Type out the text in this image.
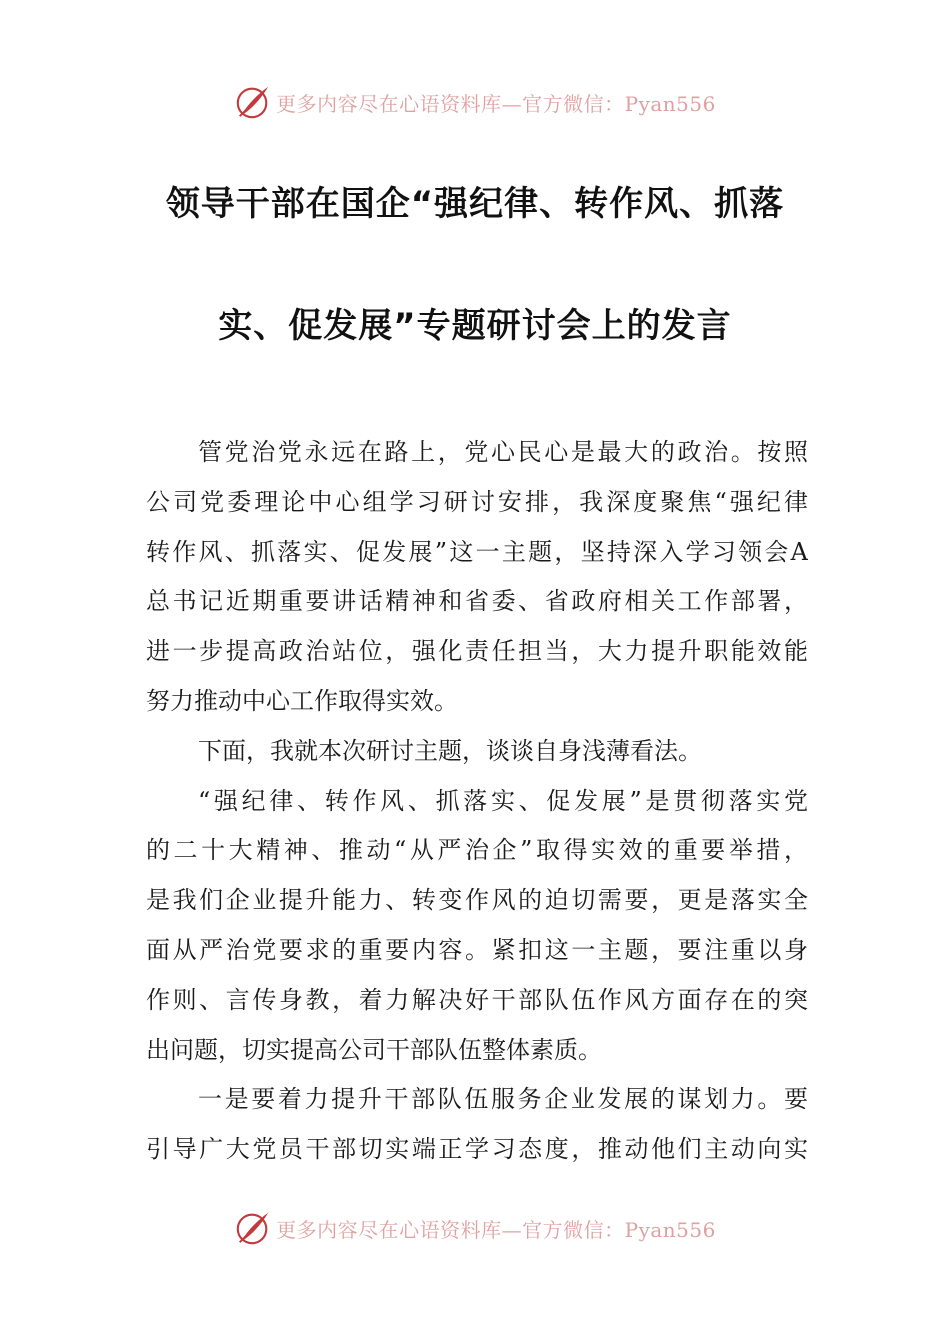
更多内容尽在心语资料库—官方微信：Pyan556
领导干部在国企“强纪律、转作风、抓落
实、促发展”专题研讨会上的发言
管党治党永远在路上，党心民心是最大的政治。按照
公司党委理论中心组学习研讨安排，我深度聚焦“强纪律
转作风、抓落实、促发展”这一主题，坚持深入学习领会A
总书记近期重要讲话精神和省委、省政府相关工作部署，
进一步提高政治站位，强化责任担当，大力提升职能效能
努力推动中心工作取得实效。
下面，我就本次研讨主题，谈谈自身浅薄看法。
“强纪律、转作风、抓落实、促发展”是贯彻落实党
的二十大精神、推动“从严治企”取得实效的重要举措，
是我们企业提升能力、转变作风的迫切需要，更是落实全
面从严治党要求的重要内容。紧扣这一主题，要注重以身
作则、言传身教，着力解决好干部队伍作风方面存在的突
出问题，切实提高公司干部队伍整体素质。
一是要着力提升干部队伍服务企业发展的谋划力。要
引导广大党员干部切实端正学习态度，推动他们主动向实
更多内容尽在心语资料库—官方微信：Pyan556
